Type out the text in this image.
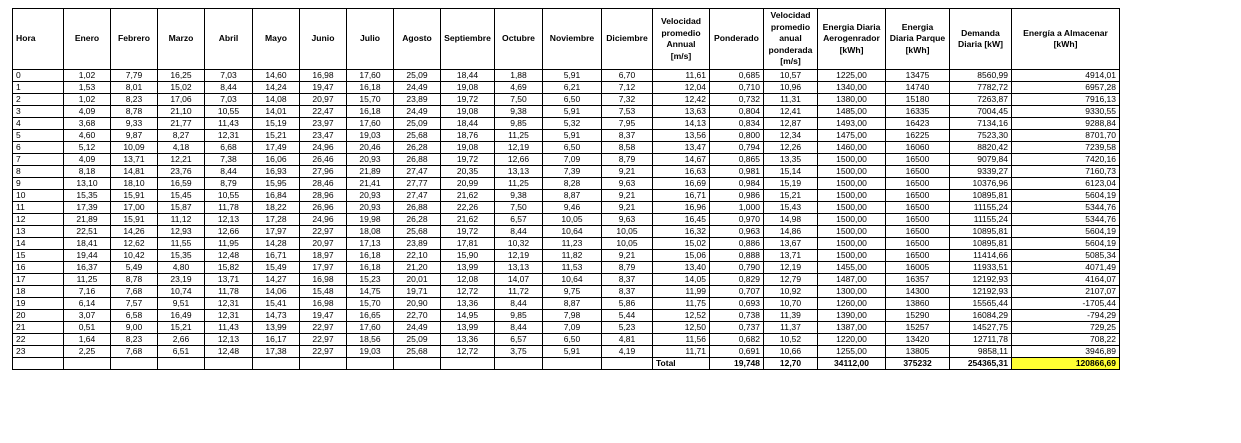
Hora	Enero	Febrero	Marzo	Abril	Mayo	Junio	Julio	Agosto	Septiembre	Octubre	Noviembre	Diciembre	Velocidad promedio Annual [m/s]	Ponderado	Velocidad promedio anual ponderada [m/s]	Energia Diaria Aerogenrador [kWh]	Energia Diaria Parque [kWh]	Demanda Diaria [kW]	Energía a Almacenar [kWh]
0	1,02	7,79	16,25	7,03	14,60	16,98	17,60	25,09	18,44	1,88	5,91	6,70	11,61	0,685	10,57	1225,00	13475	8560,99	4914,01
1	1,53	8,01	15,02	8,44	14,24	19,47	16,18	24,49	19,08	4,69	6,21	7,12	12,04	0,710	10,96	1340,00	14740	7782,72	6957,28
2	1,02	8,23	17,06	7,03	14,08	20,97	15,70	23,89	19,72	7,50	6,50	7,32	12,42	0,732	11,31	1380,00	15180	7263,87	7916,13
3	4,09	8,78	21,10	10,55	14,01	22,47	16,18	24,49	19,08	9,38	5,91	7,53	13,63	0,804	12,41	1485,00	16335	7004,45	9330,55
4	3,68	9,33	21,77	11,43	15,19	23,97	17,60	25,09	18,44	9,85	5,32	7,95	14,13	0,834	12,87	1493,00	16423	7134,16	9288,84
5	4,60	9,87	8,27	12,31	15,21	23,47	19,03	25,68	18,76	11,25	5,91	8,37	13,56	0,800	12,34	1475,00	16225	7523,30	8701,70
6	5,12	10,09	4,18	6,68	17,49	24,96	20,46	26,28	19,08	12,19	6,50	8,58	13,47	0,794	12,26	1460,00	16060	8820,42	7239,58
7	4,09	13,71	12,21	7,38	16,06	26,46	20,93	26,88	19,72	12,66	7,09	8,79	14,67	0,865	13,35	1500,00	16500	9079,84	7420,16
8	8,18	14,81	23,76	8,44	16,93	27,96	21,89	27,47	20,35	13,13	7,39	9,21	16,63	0,981	15,14	1500,00	16500	9339,27	7160,73
9	13,10	18,10	16,59	8,79	15,95	28,46	21,41	27,77	20,99	11,25	8,28	9,63	16,69	0,984	15,19	1500,00	16500	10376,96	6123,04
10	15,35	15,91	15,45	10,55	16,84	28,96	20,93	27,47	21,62	9,38	8,87	9,21	16,71	0,986	15,21	1500,00	16500	10895,81	5604,19
11	17,39	17,00	15,87	11,78	18,22	26,96	20,93	26,88	22,26	7,50	9,46	9,21	16,96	1,000	15,43	1500,00	16500	11155,24	5344,76
12	21,89	15,91	11,12	12,13	17,28	24,96	19,98	26,28	21,62	6,57	10,05	9,63	16,45	0,970	14,98	1500,00	16500	11155,24	5344,76
13	22,51	14,26	12,93	12,66	17,97	22,97	18,08	25,68	19,72	8,44	10,64	10,05	16,32	0,963	14,86	1500,00	16500	10895,81	5604,19
14	18,41	12,62	11,55	11,95	14,28	20,97	17,13	23,89	17,81	10,32	11,23	10,05	15,02	0,886	13,67	1500,00	16500	10895,81	5604,19
15	19,44	10,42	15,35	12,48	16,71	18,97	16,18	22,10	15,90	12,19	11,82	9,21	15,06	0,888	13,71	1500,00	16500	11414,66	5085,34
16	16,37	5,49	4,80	15,82	15,49	17,97	16,18	21,20	13,99	13,13	11,53	8,79	13,40	0,790	12,19	1455,00	16005	11933,51	4071,49
17	11,25	8,78	23,19	13,71	14,27	16,98	15,23	20,01	12,08	14,07	10,64	8,37	14,05	0,829	12,79	1487,00	16357	12192,93	4164,07
18	7,16	7,68	10,74	11,78	14,06	15,48	14,75	19,71	12,72	11,72	9,75	8,37	11,99	0,707	10,92	1300,00	14300	12192,93	2107,07
19	6,14	7,57	9,51	12,31	15,41	16,98	15,70	20,90	13,36	8,44	8,87	5,86	11,75	0,693	10,70	1260,00	13860	15565,44	-1705,44
20	3,07	6,58	16,49	12,31	14,73	19,47	16,65	22,70	14,95	9,85	7,98	5,44	12,52	0,738	11,39	1390,00	15290	16084,29	-794,29
21	0,51	9,00	15,21	11,43	13,99	22,97	17,60	24,49	13,99	8,44	7,09	5,23	12,50	0,737	11,37	1387,00	15257	14527,75	729,25
22	1,64	8,23	2,66	12,13	16,17	22,97	18,56	25,09	13,36	6,57	6,50	4,81	11,56	0,682	10,52	1220,00	13420	12711,78	708,22
23	2,25	7,68	6,51	12,48	17,38	22,97	19,03	25,68	12,72	3,75	5,91	4,19	11,71	0,691	10,66	1255,00	13805	9858,11	3946,89
													Total	19,748	12,70	34112,00	375232	254365,31	120866,69
